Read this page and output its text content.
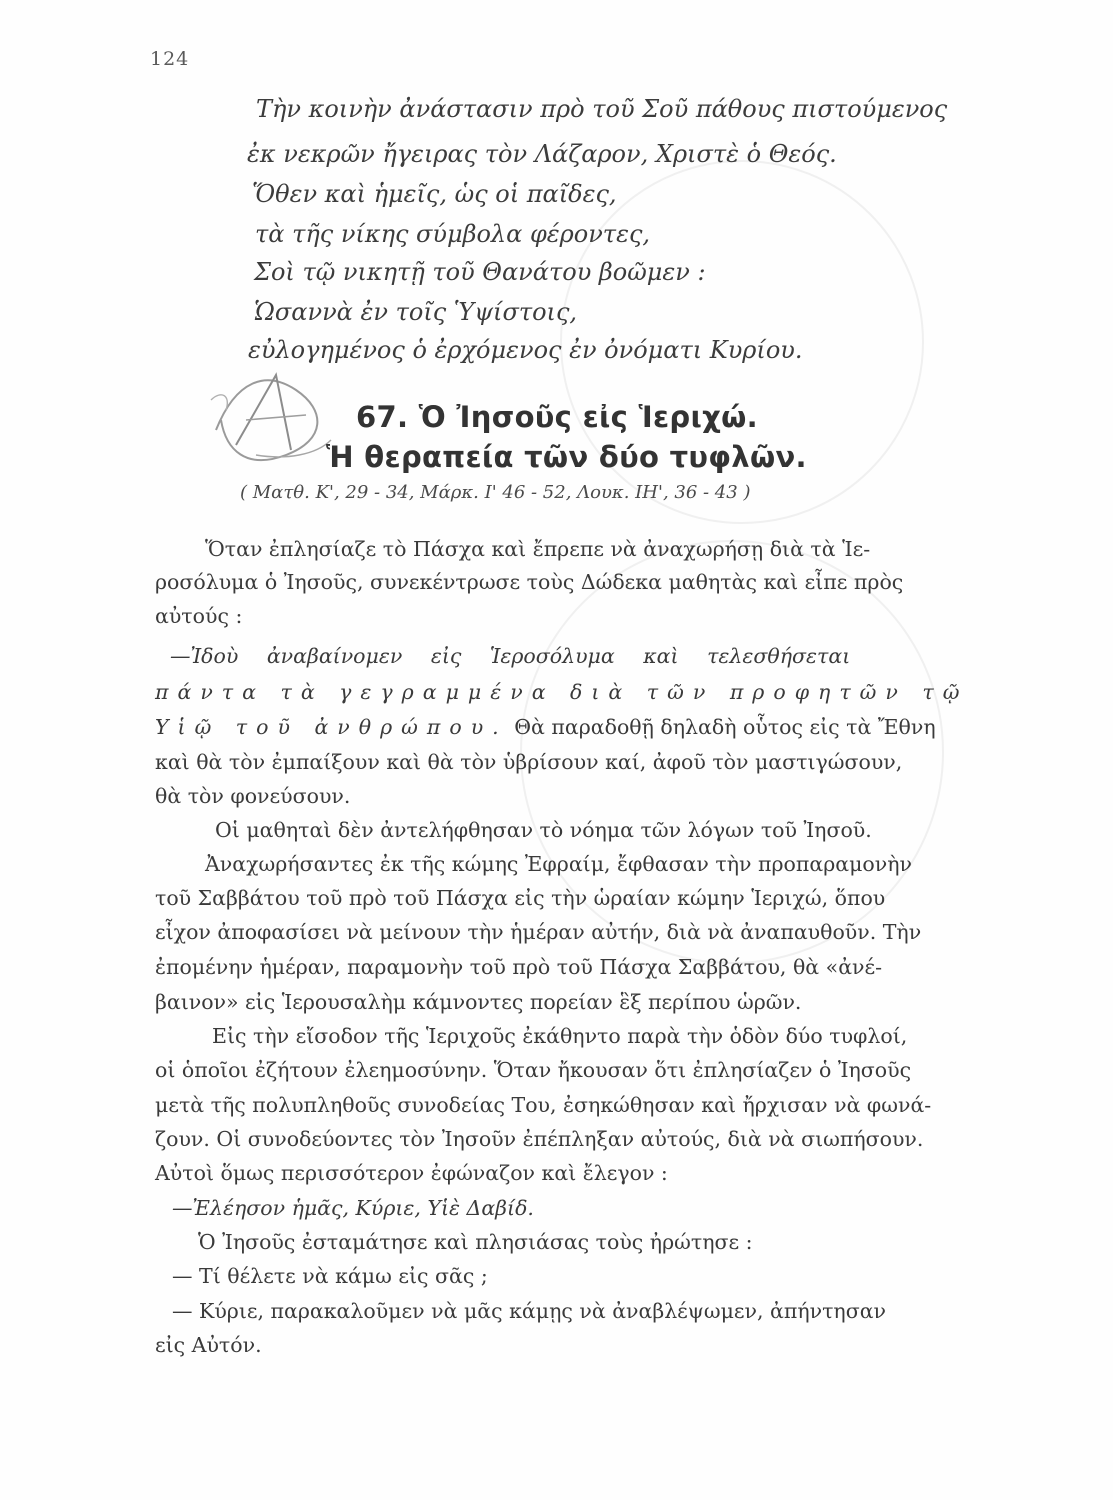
124
Τὴν κοινὴν ἀνάστασιν πρὸ τοῦ Σοῦ πάθους πιστούμενος
ἐκ νεκρῶν ἤγειρας τὸν Λάζαρον, Χριστὲ ὁ Θεός.
Ὅθεν καὶ ἡμεῖς, ὡς οἱ παῖδες,
τὰ τῆς νίκης σύμβολα φέροντες,
Σοὶ τῷ νικητῇ τοῦ Θανάτου βοῶμεν :
Ὡσαννὰ ἐν τοῖς Ὑψίστοις,
εὐλογημένος ὁ ἐρχόμενος ἐν ὀνόματι Κυρίου.
67. Ὁ Ἰησοῦς εἰς Ἱεριχώ.
Ἡ θεραπεία τῶν δύο τυφλῶν.
( Ματθ. Κ', 29 - 34, Μάρκ. Ι' 46 - 52, Λουκ. ΙΗ', 36 - 43 )
Ὅταν ἐπλησίαζε τὸ Πάσχα καὶ ἔπρεπε νὰ ἀναχωρήσῃ διὰ τὰ Ἱε-
ροσόλυμα ὁ Ἰησοῦς, συνεκέντρωσε τοὺς Δώδεκα μαθητὰς καὶ εἶπε πρὸς
αὐτούς :
—Ἰδοὺ ἀναβαίνομεν εἰς Ἱεροσόλυμα καὶ τελεσθήσεται
πάντα τὰ γεγραμμένα διὰ τῶν προφητῶν τῷ
Υἱῷ τοῦ ἀνθρώπου. Θὰ παραδοθῇ δηλαδὴ οὗτος εἰς τὰ Ἔθνη
καὶ θὰ τὸν ἐμπαίξουν καὶ θὰ τὸν ὑβρίσουν καί, ἀφοῦ τὸν μαστιγώσουν,
θὰ τὸν φονεύσουν.
Οἱ μαθηταὶ δὲν ἀντελήφθησαν τὸ νόημα τῶν λόγων τοῦ Ἰησοῦ.
Ἀναχωρήσαντες ἐκ τῆς κώμης Ἐφραίμ, ἔφθασαν τὴν προπαραμονὴν
τοῦ Σαββάτου τοῦ πρὸ τοῦ Πάσχα εἰς τὴν ὡραίαν κώμην Ἱεριχώ, ὅπου
εἶχον ἀποφασίσει νὰ μείνουν τὴν ἡμέραν αὐτήν, διὰ νὰ ἀναπαυθοῦν. Τὴν
ἐπομένην ἡμέραν, παραμονὴν τοῦ πρὸ τοῦ Πάσχα Σαββάτου, θὰ «ἀνέ-
βαινον» εἰς Ἱερουσαλὴμ κάμνοντες πορείαν ἓξ περίπου ὡρῶν.
Εἰς τὴν εἴσοδον τῆς Ἱεριχοῦς ἐκάθηντο παρὰ τὴν ὁδὸν δύο τυφλοί,
οἱ ὁποῖοι ἐζήτουν ἐλεημοσύνην. Ὅταν ἤκουσαν ὅτι ἐπλησίαζεν ὁ Ἰησοῦς
μετὰ τῆς πολυπληθοῦς συνοδείας Του, ἐσηκώθησαν καὶ ἤρχισαν νὰ φωνά-
ζουν. Οἱ συνοδεύοντες τὸν Ἰησοῦν ἐπέπληξαν αὐτούς, διὰ νὰ σιωπήσουν.
Αὐτοὶ ὅμως περισσότερον ἐφώναζον καὶ ἔλεγον :
—Ἐλέησον ἡμᾶς, Κύριε, Υἱὲ Δαβίδ.
Ὁ Ἰησοῦς ἐσταμάτησε καὶ πλησιάσας τοὺς ἠρώτησε :
— Τί θέλετε νὰ κάμω εἰς σᾶς ;
— Κύριε, παρακαλοῦμεν νὰ μᾶς κάμῃς νὰ ἀναβλέψωμεν, ἀπήντησαν
εἰς Αὐτόν.
